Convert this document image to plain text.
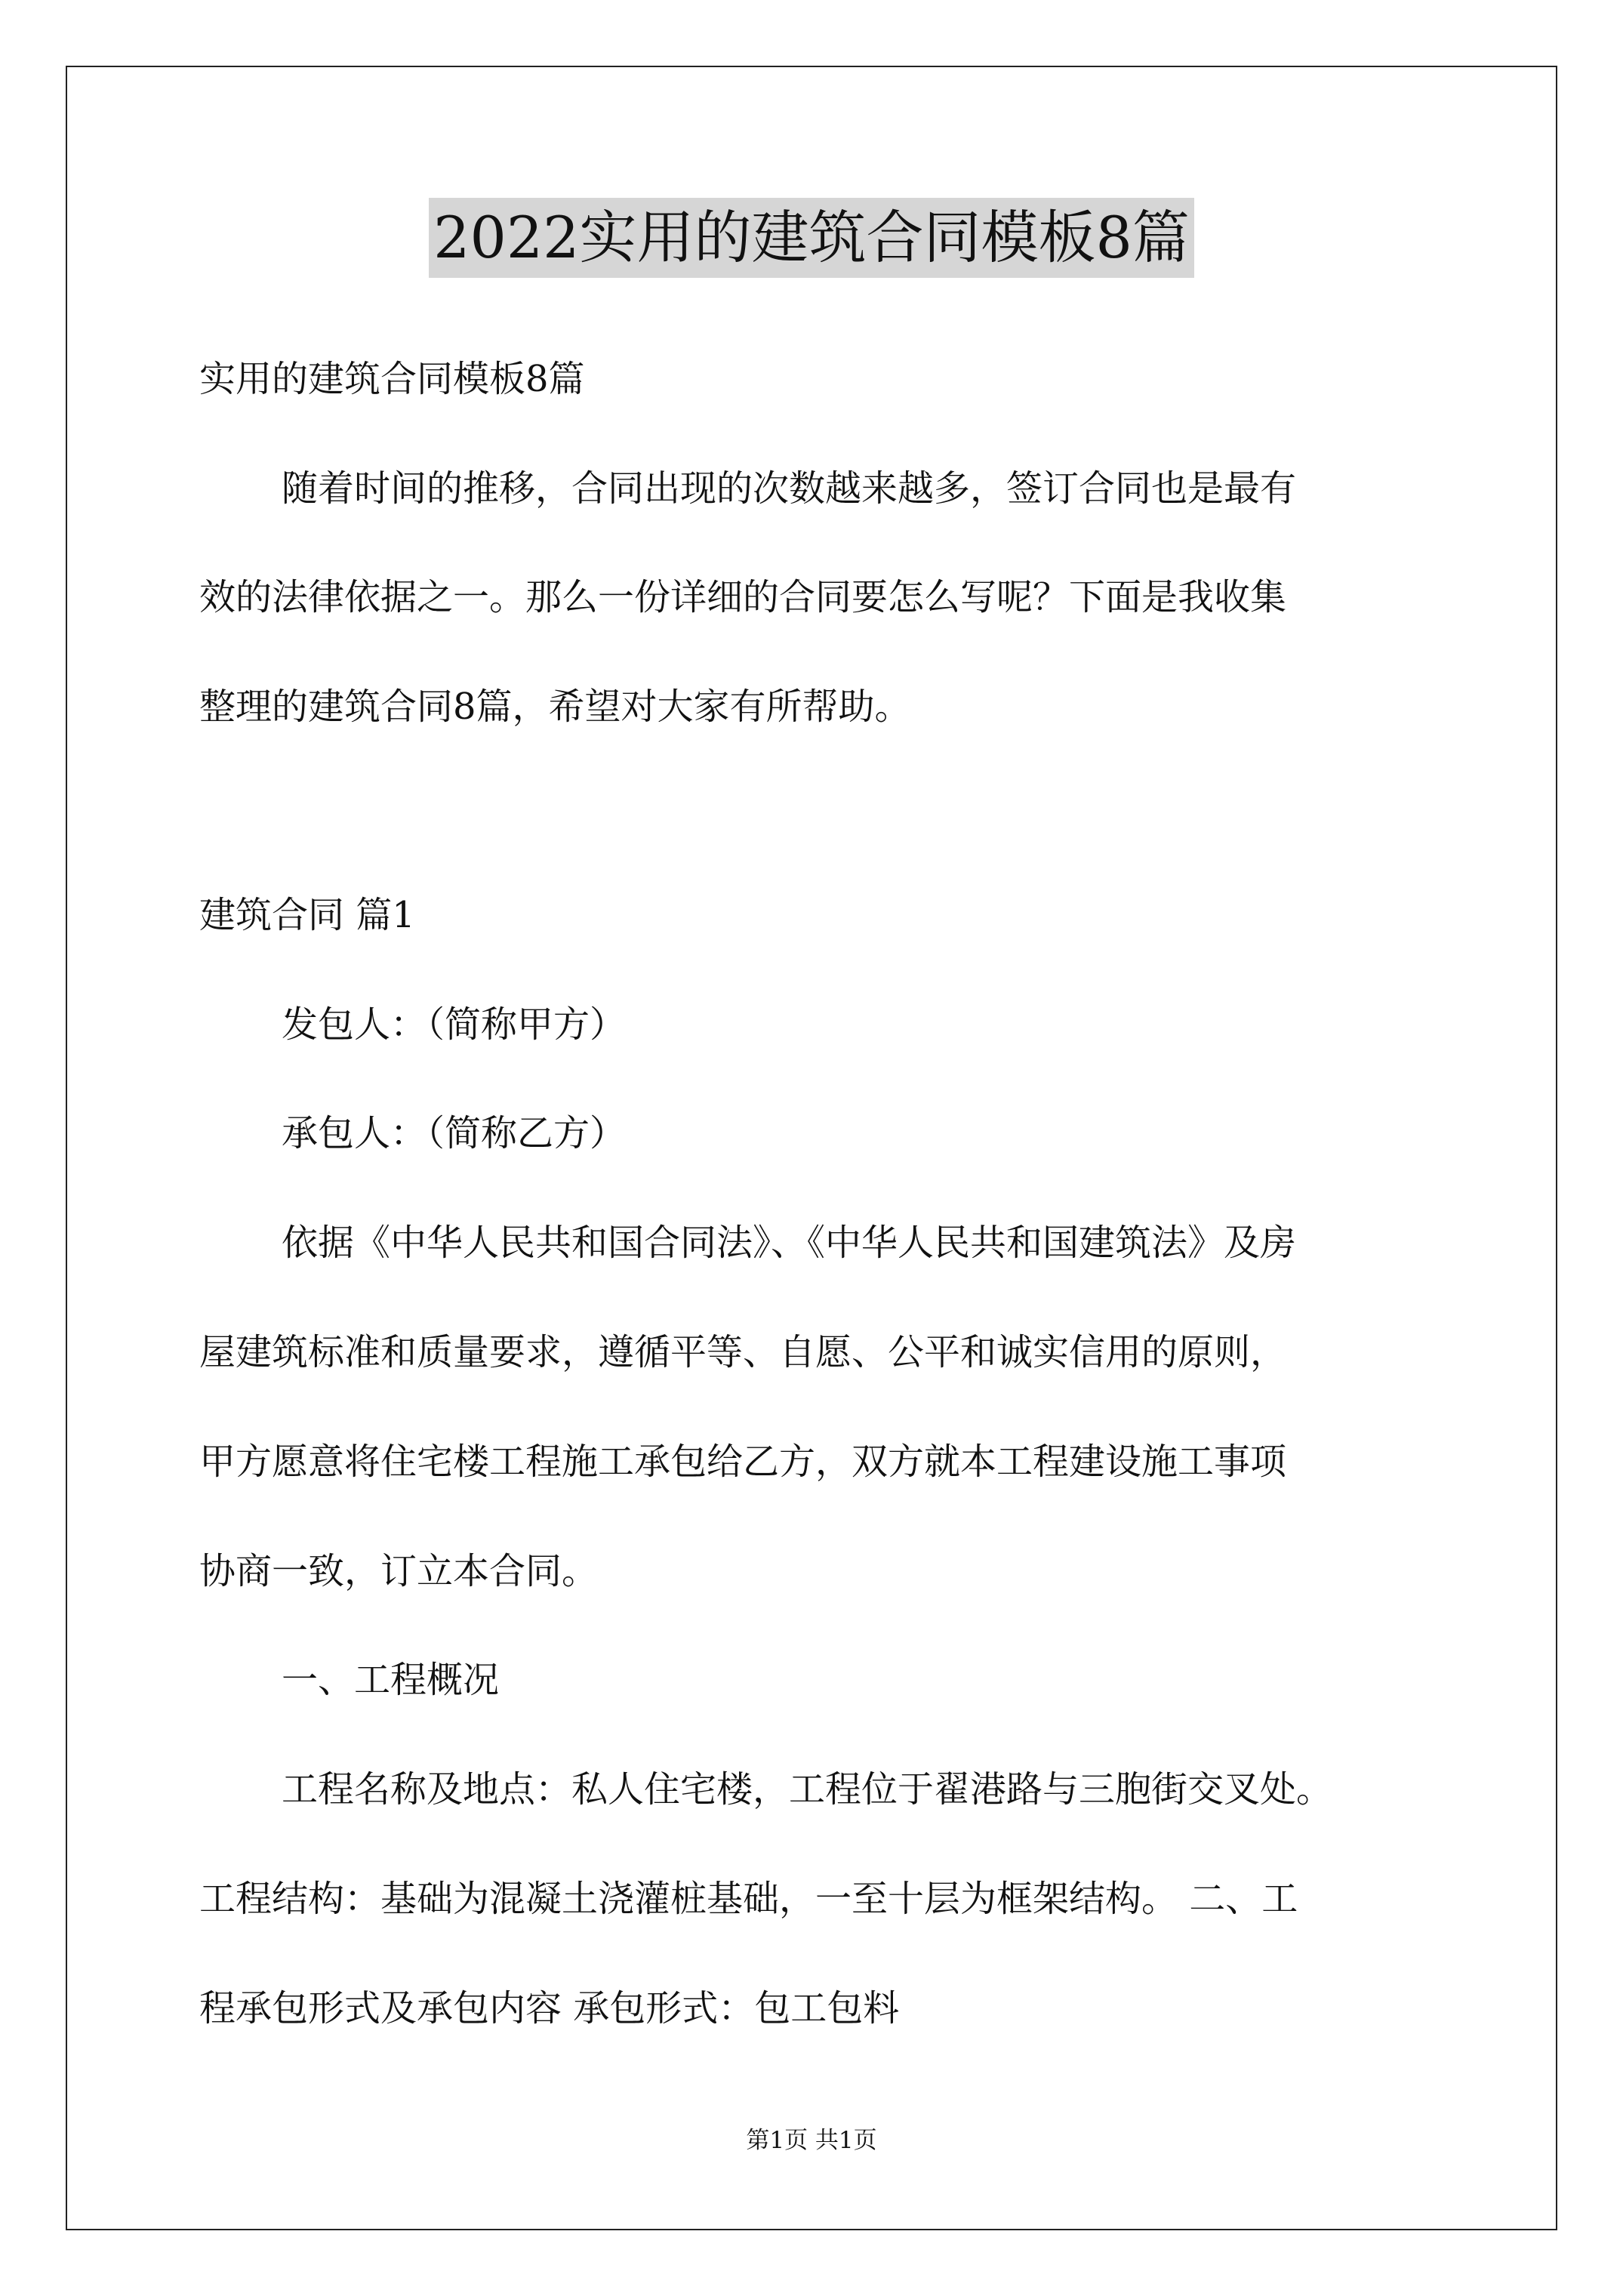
2022实用的建筑合同模板8篇
实用的建筑合同模板8篇
随着时间的推移，合同出现的次数越来越多，签订合同也是最有
效的法律依据之一。那么一份详细的合同要怎么写呢？下面是我收集
整理的建筑合同8篇，希望对大家有所帮助。
建筑合同 篇1
发包人：（简称甲方）
承包人：（简称乙方）
依据《中华人民共和国合同法》、《中华人民共和国建筑法》及房
屋建筑标准和质量要求，遵循平等、自愿、公平和诚实信用的原则，
甲方愿意将住宅楼工程施工承包给乙方，双方就本工程建设施工事项
协商一致，订立本合同。
一、工程概况
工程名称及地点：私人住宅楼，工程位于翟港路与三胞街交叉处。
工程结构：基础为混凝土浇灌桩基础，一至十层为框架结构。 二、工
程承包形式及承包内容 承包形式：包工包料
第1页 共1页
